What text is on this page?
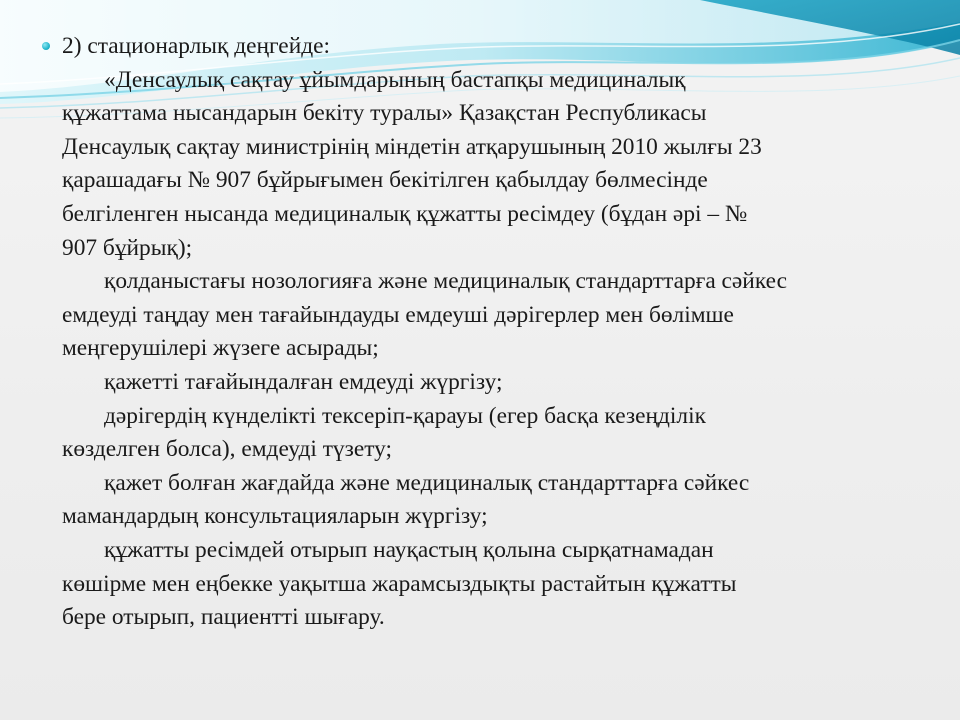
2) стационарлық деңгейде:
«Денсаулық сақтау ұйымдарының бастапқы медициналық
құжаттама нысандарын бекіту туралы» Қазақстан Республикасы
Денсаулық сақтау министрінің міндетін атқарушының 2010 жылғы 23
қарашадағы № 907 бұйрығымен бекітілген қабылдау бөлмесінде
белгіленген нысанда медициналық құжатты ресімдеу (бұдан әрі – №
907 бұйрық);
қолданыстағы нозологияға және медициналық стандарттарға сәйкес
емдеуді таңдау мен тағайындауды емдеуші дәрігерлер мен бөлімше
меңгерушілері жүзеге асырады;
қажетті тағайындалған емдеуді жүргізу;
дәрігердің күнделікті тексеріп-қарауы (егер басқа кезеңділік
көзделген болса), емдеуді түзету;
қажет болған жағдайда және медициналық стандарттарға сәйкес
мамандардың консультацияларын жүргізу;
құжатты ресімдей отырып науқастың қолына сырқатнамадан
көшірме мен еңбекке уақытша жарамсыздықты растайтын құжатты
бере отырып, пациентті шығару.
